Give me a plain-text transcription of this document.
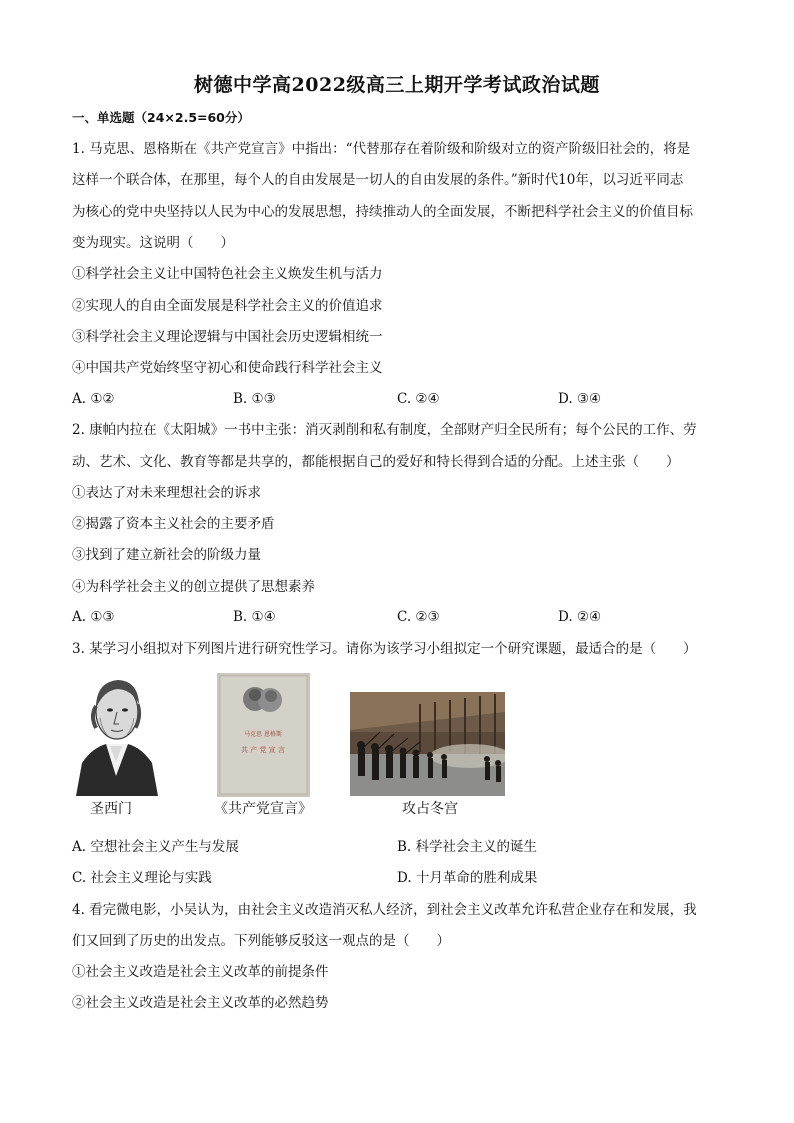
树德中学高2022级高三上期开学考试政治试题
一、单选题（24×2.5=60分）
1. 马克思、恩格斯在《共产党宣言》中指出：“代替那存在着阶级和阶级对立的资产阶级旧社会的，将是
这样一个联合体，在那里，每个人的自由发展是一切人的自由发展的条件。”新时代10年，以习近平同志
为核心的党中央坚持以人民为中心的发展思想，持续推动人的全面发展，不断把科学社会主义的价值目标
变为现实。这说明（　　）
①科学社会主义让中国特色社会主义焕发生机与活力
②实现人的自由全面发展是科学社会主义的价值追求
③科学社会主义理论逻辑与中国社会历史逻辑相统一
④中国共产党始终坚守初心和使命践行科学社会主义
A. ①②	B. ①③	C. ②④	D. ③④
2. 康帕内拉在《太阳城》一书中主张：消灭剥削和私有制度，全部财产归全民所有；每个公民的工作、劳
动、艺术、文化、教育等都是共享的，都能根据自己的爱好和特长得到合适的分配。上述主张（　　）
①表达了对未来理想社会的诉求
②揭露了资本主义社会的主要矛盾
③找到了建立新社会的阶级力量
④为科学社会主义的创立提供了思想素养
A. ①③	B. ①④	C. ②③	D. ②④
3. 某学习小组拟对下列图片进行研究性学习。请你为该学习小组拟定一个研究课题，最适合的是（　　）
马克思 恩格斯
共 产 党 宣 言
圣西门	《共产党宣言》	攻占冬宫
A. 空想社会主义产生与发展	B. 科学社会主义的诞生
C. 社会主义理论与实践	D. 十月革命的胜利成果
4. 看完微电影，小吴认为，由社会主义改造消灭私人经济，到社会主义改革允许私营企业存在和发展，我
们又回到了历史的出发点。下列能够反驳这一观点的是（　　）
①社会主义改造是社会主义改革的前提条件
②社会主义改造是社会主义改革的必然趋势
